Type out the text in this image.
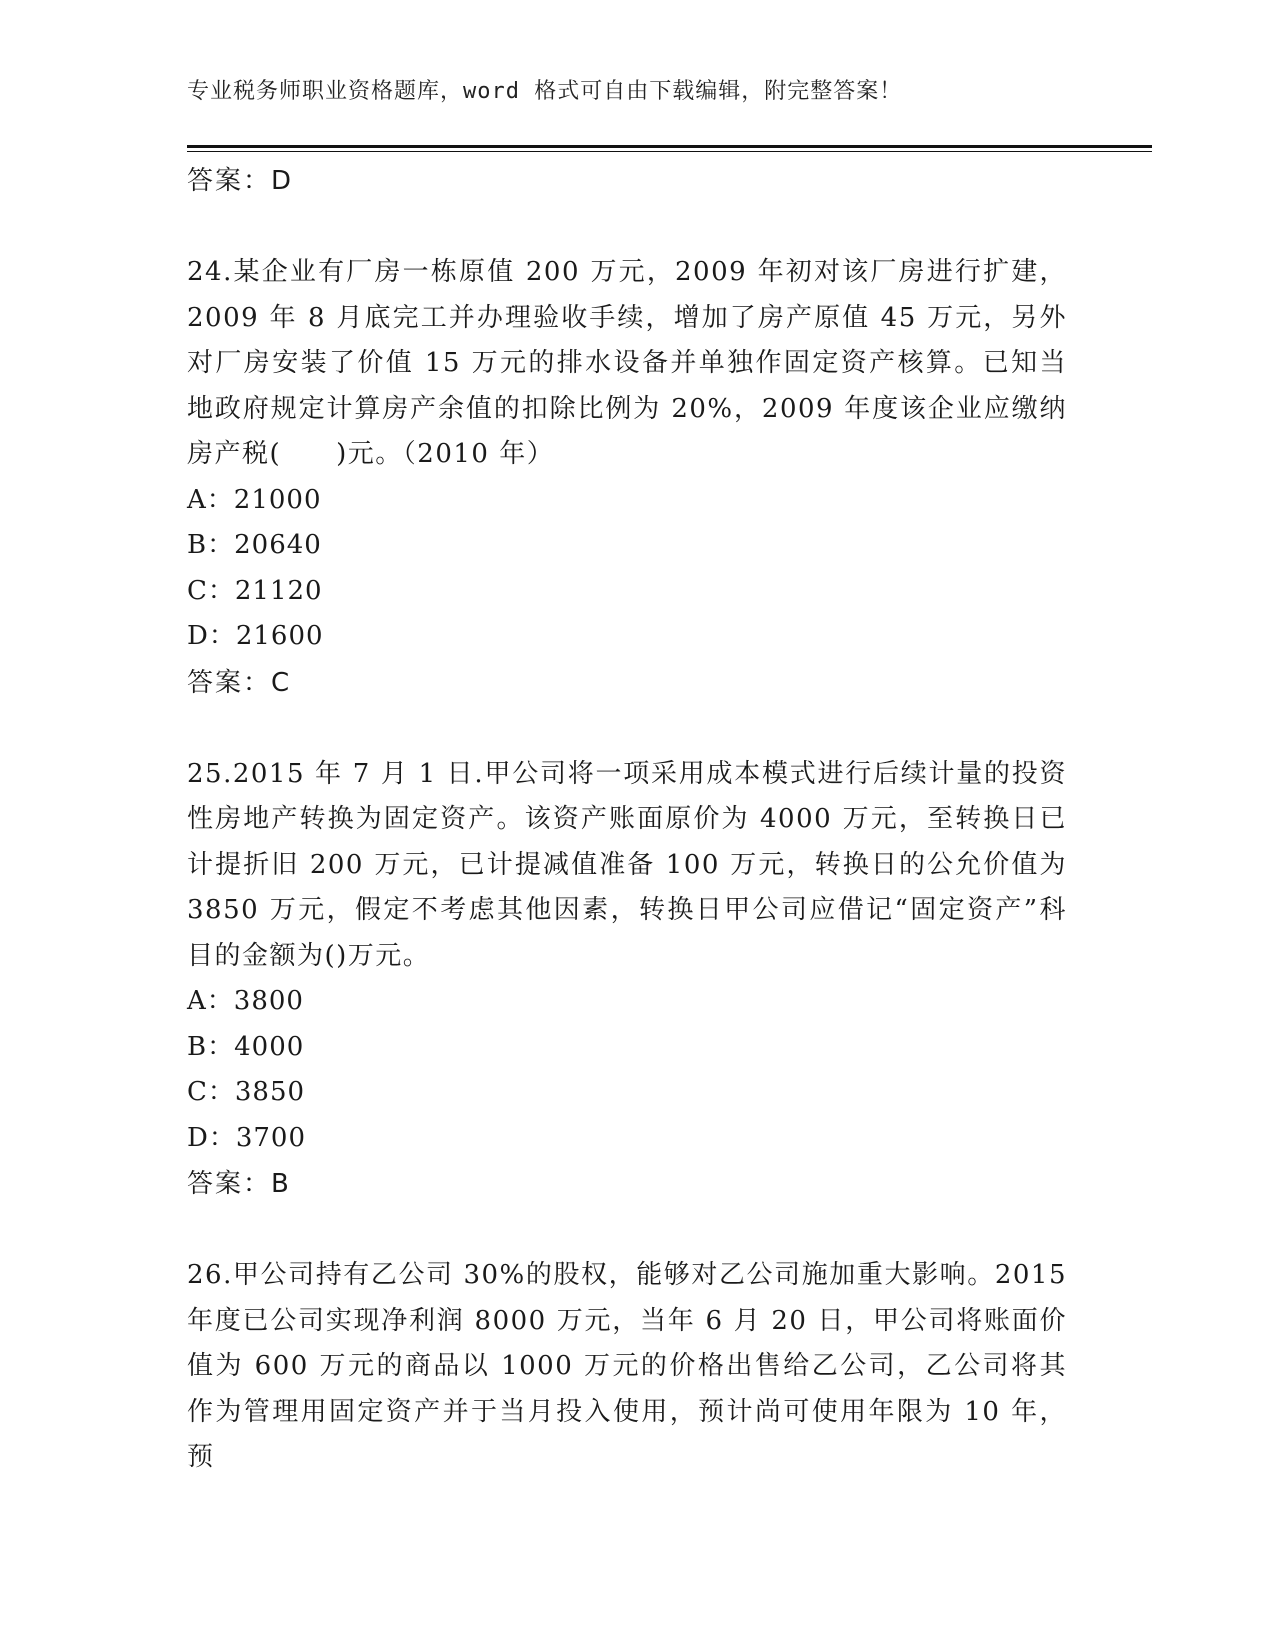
专业税务师职业资格题库，word 格式可自由下载编辑，附完整答案！
答案：D
24.某企业有厂房一栋原值 200 万元，2009 年初对该厂房进行扩建，2009 年 8 月底完工并办理验收手续，增加了房产原值 45 万元，另外对厂房安装了价值 15 万元的排水设备并单独作固定资产核算。已知当地政府规定计算房产余值的扣除比例为 20%，2009 年度该企业应缴纳房产税(　　)元。（2010 年）
A：21000
B：20640
C：21120
D：21600
答案：C
25.2015 年 7 月 1 日.甲公司将一项采用成本模式进行后续计量的投资性房地产转换为固定资产。该资产账面原价为 4000 万元，至转换日已计提折旧 200 万元，已计提减值准备 100 万元，转换日的公允价值为 3850 万元，假定不考虑其他因素，转换日甲公司应借记“固定资产”科目的金额为()万元。
A：3800
B：4000
C：3850
D：3700
答案：B
26.甲公司持有乙公司 30%的股权，能够对乙公司施加重大影响。2015 年度已公司实现净利润 8000 万元，当年 6 月 20 日，甲公司将账面价值为 600 万元的商品以 1000 万元的价格出售给乙公司，乙公司将其作为管理用固定资产并于当月投入使用，预计尚可使用年限为 10 年，预
